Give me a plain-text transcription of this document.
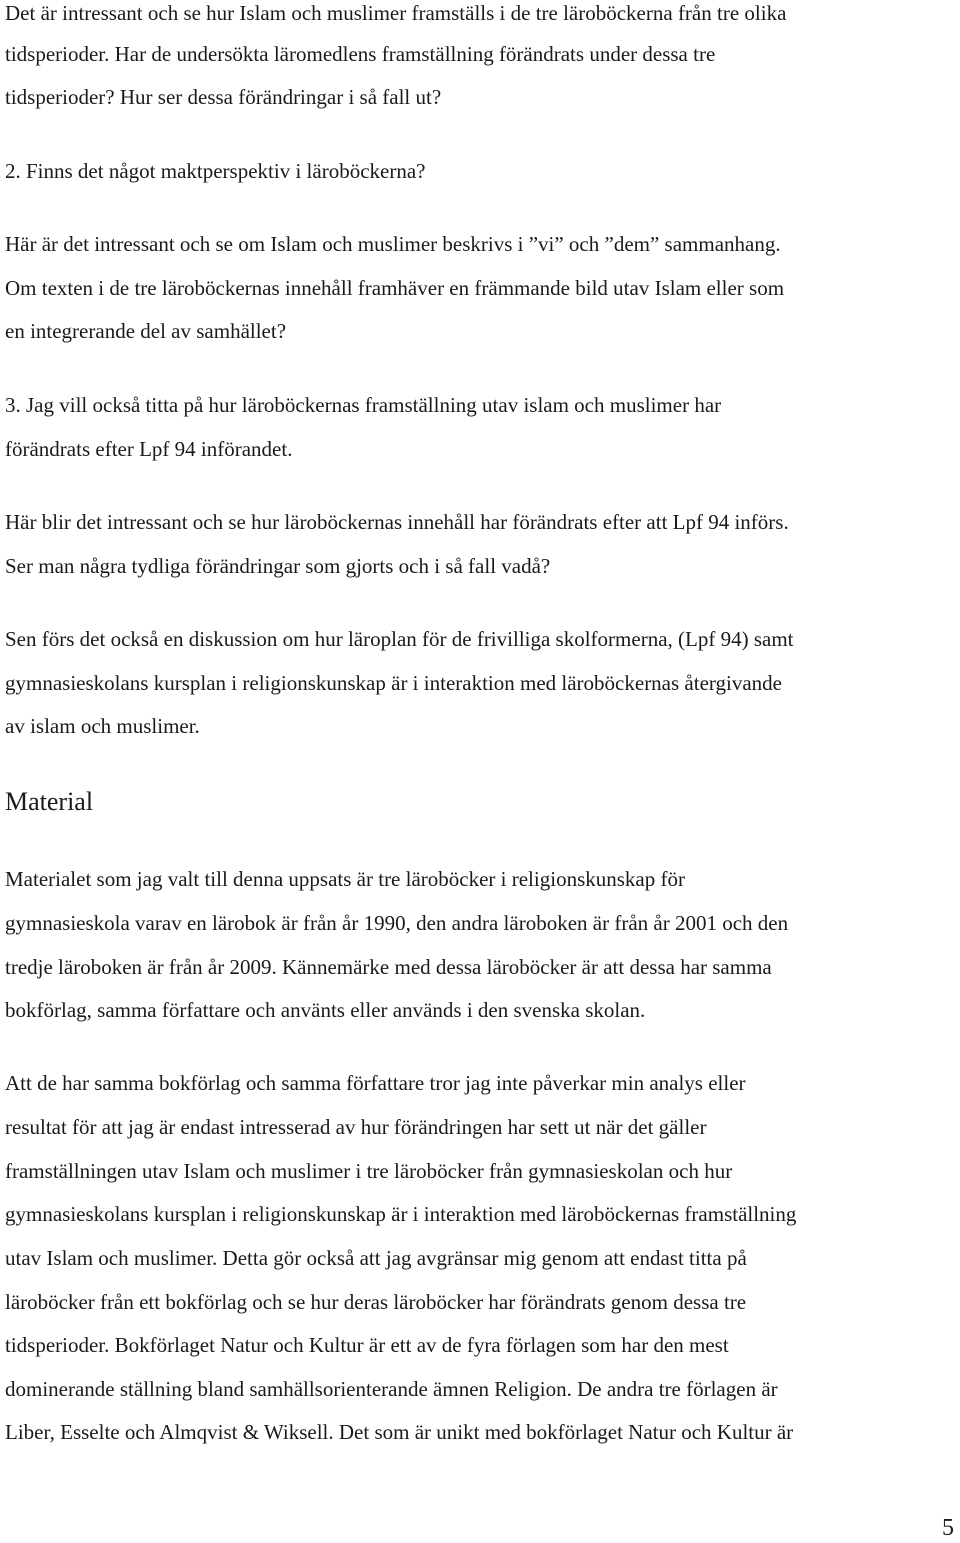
Det är intressant och se hur Islam och muslimer framställs i de tre läroböckerna från tre olika
tidsperioder. Har de undersökta läromedlens framställning förändrats under dessa tre
tidsperioder? Hur ser dessa förändringar i så fall ut?
2. Finns det något maktperspektiv i läroböckerna?
Här är det intressant och se om Islam och muslimer beskrivs i ”vi” och ”dem” sammanhang.
Om texten i de tre läroböckernas innehåll framhäver en främmande bild utav Islam eller som
en integrerande del av samhället?
3. Jag vill också titta på hur läroböckernas framställning utav islam och muslimer har
förändrats efter Lpf 94 införandet.
Här blir det intressant och se hur läroböckernas innehåll har förändrats efter att Lpf 94 införs.
Ser man några tydliga förändringar som gjorts och i så fall vadå?
Sen förs det också en diskussion om hur läroplan för de frivilliga skolformerna, (Lpf 94) samt
gymnasieskolans kursplan i religionskunskap är i interaktion med läroböckernas återgivande
av islam och muslimer.
Material
Materialet som jag valt till denna uppsats är tre läroböcker i religionskunskap för
gymnasieskola varav en lärobok är från år 1990, den andra läroboken är från år 2001 och den
tredje läroboken är från år 2009. Kännemärke med dessa läroböcker är att dessa har samma
bokförlag, samma författare och använts eller används i den svenska skolan.
Att de har samma bokförlag och samma författare tror jag inte påverkar min analys eller
resultat för att jag är endast intresserad av hur förändringen har sett ut när det gäller
framställningen utav Islam och muslimer i tre läroböcker från gymnasieskolan och hur
gymnasieskolans kursplan i religionskunskap är i interaktion med läroböckernas framställning
utav Islam och muslimer. Detta gör också att jag avgränsar mig genom att endast titta på
läroböcker från ett bokförlag och se hur deras läroböcker har förändrats genom dessa tre
tidsperioder. Bokförlaget Natur och Kultur är ett av de fyra förlagen som har den mest
dominerande ställning bland samhällsorienterande ämnen Religion. De andra tre förlagen är
Liber, Esselte och Almqvist & Wiksell. Det som är unikt med bokförlaget Natur och Kultur är
5
